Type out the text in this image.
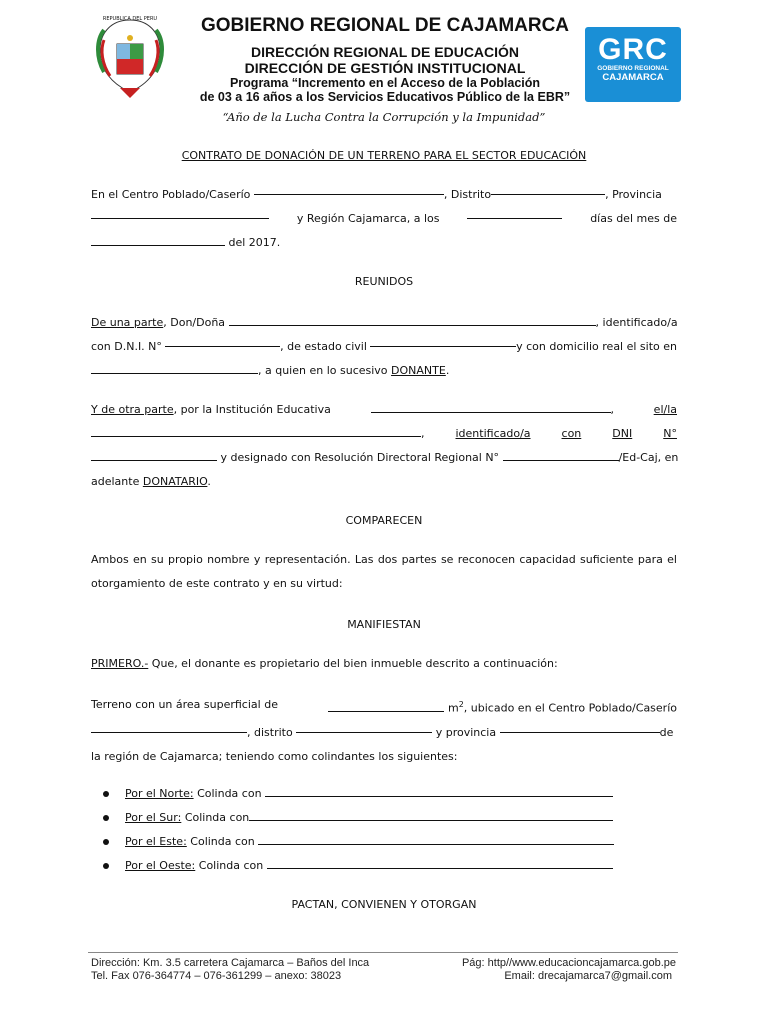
REPUBLICA DEL PERU	GOBIERNO REGIONAL DE CAJAMARCA
DIRECCIÓN REGIONAL DE EDUCACIÓN
DIRECCIÓN DE GESTIÓN INSTITUCIONAL
Programa “Incremento en el Acceso de la Población
de 03 a 16 años a los Servicios Educativos Público de la EBR”
GRC
GOBIERNO REGIONAL
CAJAMARCA
“Año de la Lucha Contra la Corrupción y la Impunidad”
CONTRATO DE DONACIÓN DE UN TERRENO PARA EL SECTOR EDUCACIÓN
En el Centro Poblado/Caserío
	, Distrito	, Provincia
y Región Cajamarca, a los	días del mes de
del 2017.
REUNIDOS
De una parte, Don/Doña	, identificado/a
con D.N.I. N°
	, de estado civil
	y con domicilio real el sito en
, a quien en lo sucesivo DONANTE.
Y de otra parte, por la Institución Educativa	,	el/la
,	identificado/a	con	DNI	N°
y designado con Resolución Directoral Regional N°	/Ed-Caj, en
adelante DONATARIO.
COMPARECEN
Ambos en su propio nombre y representación. Las dos partes se reconocen capacidad suficiente para el otorgamiento de este contrato y en su virtud:
MANIFIESTAN
PRIMERO.- Que, el donante es propietario del bien inmueble descrito a continuación:
Terreno con un área superficial de	$m^2$, ubicado en el Centro Poblado/Caserío
, distrito

	y provincia
	de
la región de Cajamarca; teniendo como colindantes los siguientes:
Por el Norte: Colinda con
Por el Sur: Colinda con
Por el Este: Colinda con
Por el Oeste: Colinda con
PACTAN, CONVIENEN Y OTORGAN
Dirección: Km. 3.5 carretera Cajamarca – Baños del Inca
Tel. Fax 076-364774 – 076-361299 – anexo: 38023
Pág: http//www.educacioncajamarca.gob.pe
Email: drecajamarca7@gmail.com
